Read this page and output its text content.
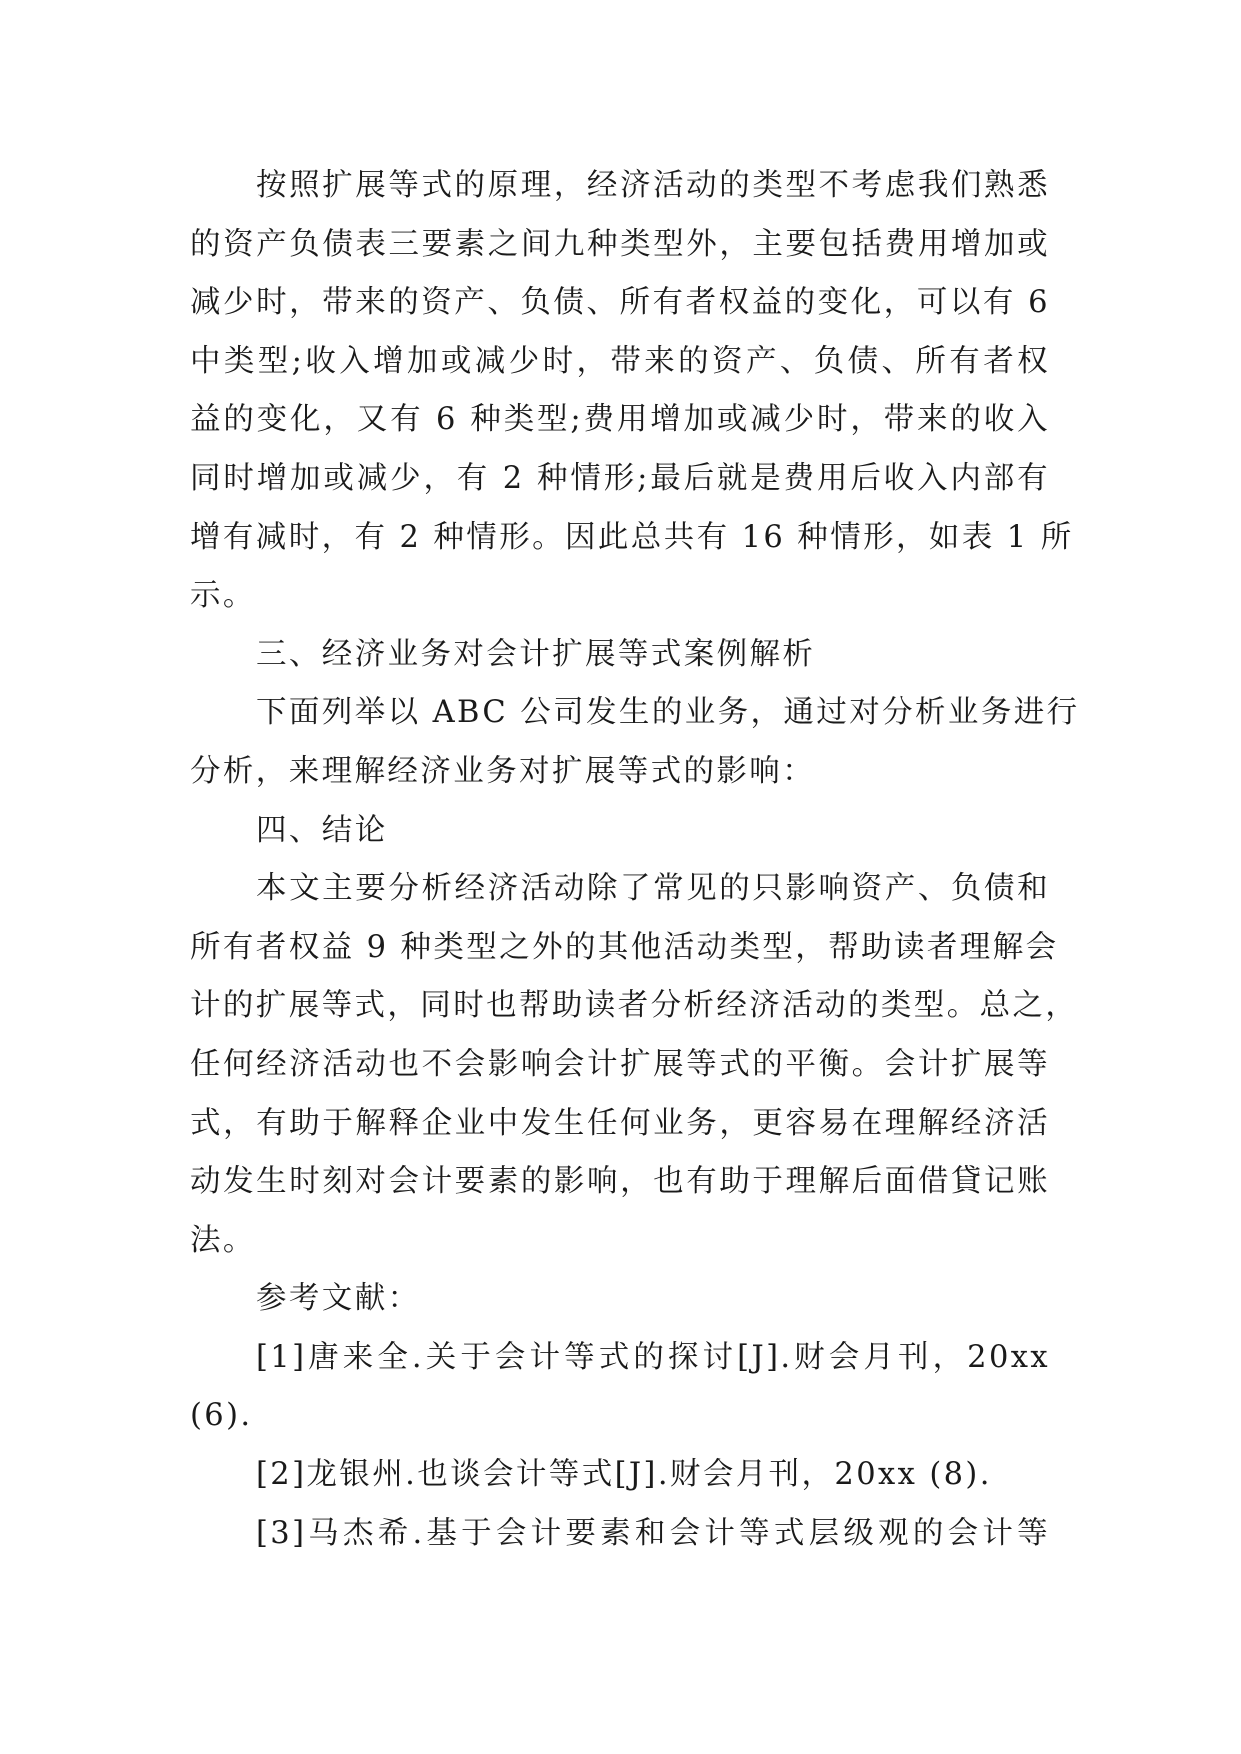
按照扩展等式的原理，经济活动的类型不考虑我们熟悉
的资产负债表三要素之间九种类型外，主要包括费用增加或
减少时，带来的资产、负债、所有者权益的变化，可以有 6
中类型;收入增加或减少时，带来的资产、负债、所有者权
益的变化，又有 6 种类型;费用增加或减少时，带来的收入
同时增加或减少，有 2 种情形;最后就是费用后收入内部有
增有减时，有 2 种情形。因此总共有 16 种情形，如表 1 所
示。
三、经济业务对会计扩展等式案例解析
下面列举以 ABC 公司发生的业务，通过对分析业务进行
分析，来理解经济业务对扩展等式的影响：
四、结论
本文主要分析经济活动除了常见的只影响资产、负债和
所有者权益 9 种类型之外的其他活动类型，帮助读者理解会
计的扩展等式，同时也帮助读者分析经济活动的类型。总之，
任何经济活动也不会影响会计扩展等式的平衡。会计扩展等
式，有助于解释企业中发生任何业务，更容易在理解经济活
动发生时刻对会计要素的影响，也有助于理解后面借貸记账
法。
参考文献：
[1]唐来全.关于会计等式的探讨[J].财会月刊，20xx
(6).
[2]龙银州.也谈会计等式[J].财会月刊，20xx (8).
[3]马杰希.基于会计要素和会计等式层级观的会计等
